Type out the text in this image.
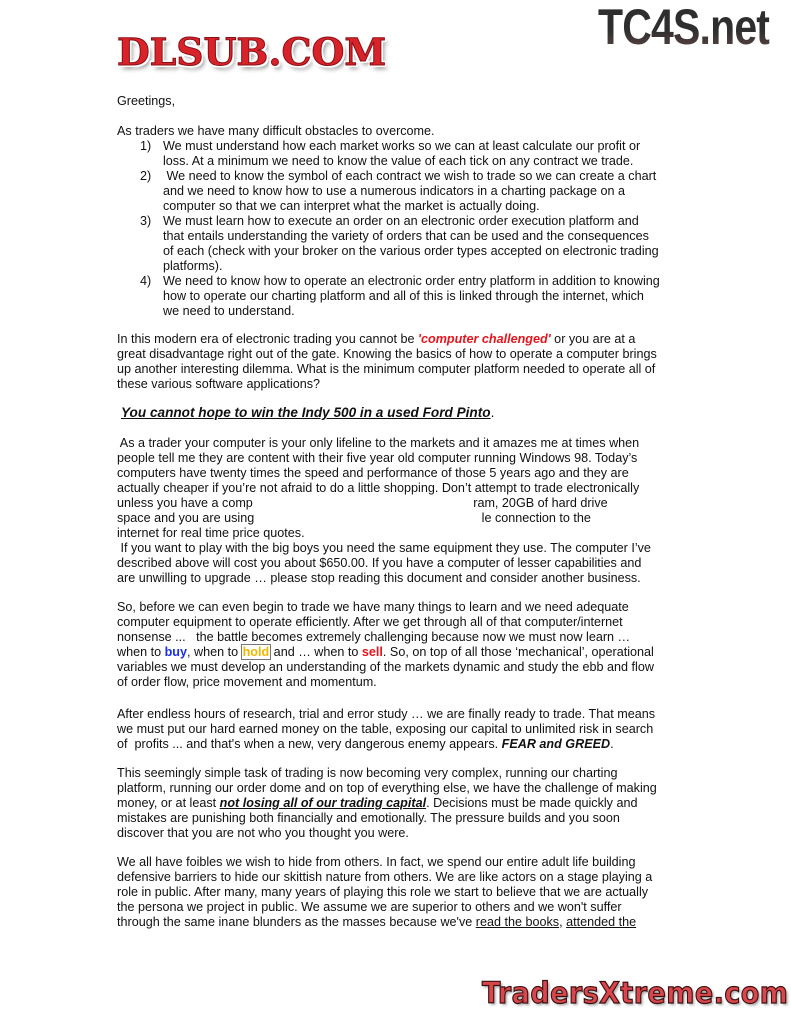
TC4S.net
DLSUB.COM
Greetings,
As traders we have many difficult obstacles to overcome.
1) We must understand how each market works so we can at least calculate our profit or
loss. At a minimum we need to know the value of each tick on any contract we trade.
2) We need to know the symbol of each contract we wish to trade so we can create a chart
and we need to know how to use a numerous indicators in a charting package on a
computer so that we can interpret what the market is actually doing.
3) We must learn how to execute an order on an electronic order execution platform and
that entails understanding the variety of orders that can be used and the consequences
of each (check with your broker on the various order types accepted on electronic trading
platforms).
4) We need to know how to operate an electronic order entry platform in addition to knowing
how to operate our charting platform and all of this is linked through the internet, which
we need to understand.
In this modern era of electronic trading you cannot be 'computer challenged' or you are at a
great disadvantage right out of the gate. Knowing the basics of how to operate a computer brings
up another interesting dilemma. What is the minimum computer platform needed to operate all of
these various software applications?
As a trader your computer is your only lifeline to the markets and it amazes me at times when
people tell me they are content with their five year old computer running Windows 98. Today’s
computers have twenty times the speed and performance of those 5 years ago and they are
actually cheaper if you’re not afraid to do a little shopping. Don’t attempt to trade electronically
unless you have a comp                                                               ram, 20GB of hard drive
space and you are using                                                                 le connection to the
internet for real time price quotes.
If you want to play with the big boys you need the same equipment they use. The computer I’ve
described above will cost you about $650.00. If you have a computer of lesser capabilities and
are unwilling to upgrade … please stop reading this document and consider another business.
So, before we can even begin to trade we have many things to learn and we need adequate
computer equipment to operate efficiently. After we get through all of that computer/internet
nonsense ...   the battle becomes extremely challenging because now we must now learn …
when to buy, when to hold and … when to sell. So, on top of all those ‘mechanical’, operational
variables we must develop an understanding of the markets dynamic and study the ebb and flow
of order flow, price movement and momentum.
After endless hours of research, trial and error study … we are finally ready to trade. That means
we must put our hard earned money on the table, exposing our capital to unlimited risk in search
of  profits ... and that's when a new, very dangerous enemy appears. FEAR and GREED.
This seemingly simple task of trading is now becoming very complex, running our charting
platform, running our order dome and on top of everything else, we have the challenge of making
money, or at least not losing all of our trading capital. Decisions must be made quickly and
mistakes are punishing both financially and emotionally. The pressure builds and you soon
discover that you are not who you thought you were.
We all have foibles we wish to hide from others. In fact, we spend our entire adult life building
defensive barriers to hide our skittish nature from others. We are like actors on a stage playing a
role in public. After many, many years of playing this role we start to believe that we are actually
the persona we project in public. We assume we are superior to others and we won't suffer
through the same inane blunders as the masses because we've read the books, attended the
You cannot hope to win the Indy 500 in a used Ford Pinto.
TradersXtreme.com
